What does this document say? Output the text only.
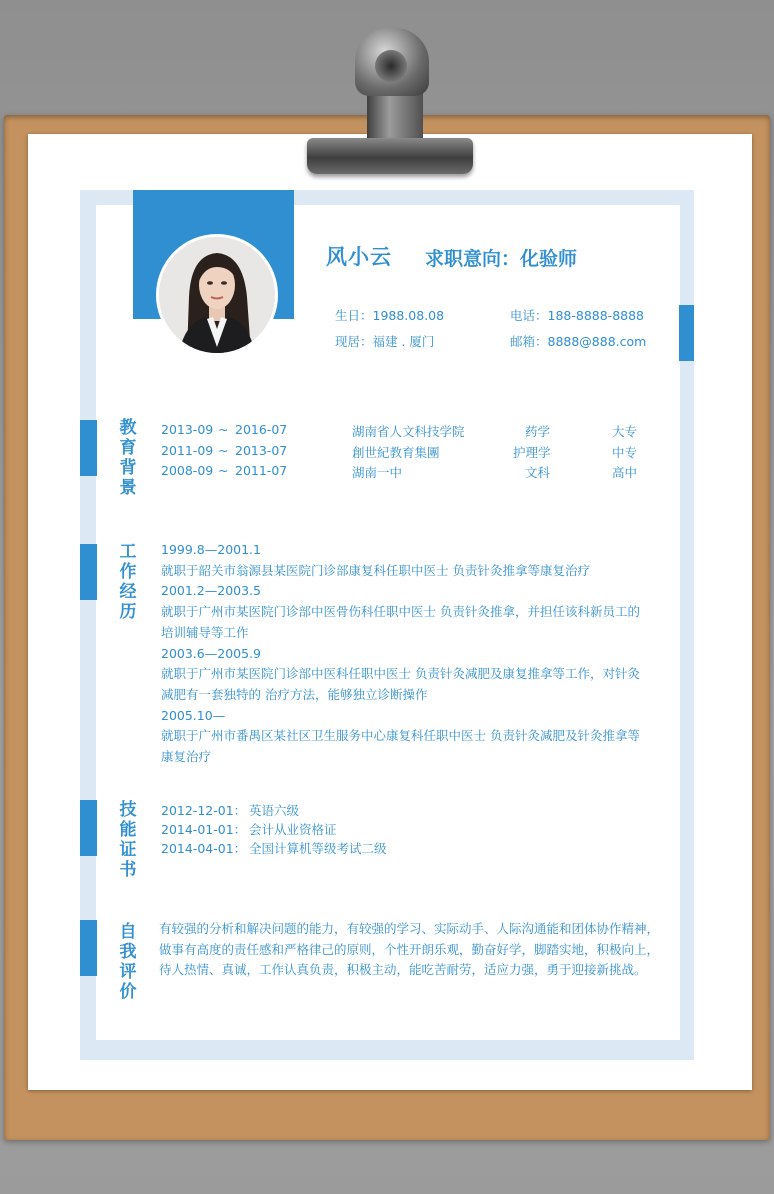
风小云 求职意向：化验师
生日：1988.08.08	电话：188-8888-8888
现居：福建 . 厦门	邮箱：8888@888.com
教
育
背
景
2013-09 ~ 2016-07	湖南省人文科技学院	药学	大专
2011-09 ~ 2013-07	創世紀教育集團	护理学	中专
2008-09 ~ 2011-07	湖南一中	文科	高中
工
作
经
历
1999.8—2001.1
就职于韶关市翁源县某医院门诊部康复科任职中医士 负责针灸推拿等康复治疗
2001.2—2003.5
就职于广州市某医院门诊部中医骨伤科任职中医士 负责针灸推拿，并担任该科新员工的
培训辅导等工作
2003.6—2005.9
就职于广州市某医院门诊部中医科任职中医士 负责针灸减肥及康复推拿等工作，对针灸
减肥有一套独特的 治疗方法，能够独立诊断操作
2005.10—
就职于广州市番禺区某社区卫生服务中心康复科任职中医士 负责针灸减肥及针灸推拿等
康复治疗
技
能
证
书
2012-12-01： 英语六级
2014-01-01： 会计从业资格证
2014-04-01： 全国计算机等级考试二级
自
我
评
价
有较强的分析和解决问题的能力，有较强的学习、实际动手、人际沟通能和团体协作精神，
做事有高度的责任感和严格律己的原则，个性开朗乐观，勤奋好学，脚踏实地，积极向上，
待人热情、真诚，工作认真负责，积极主动，能吃苦耐劳，适应力强，勇于迎接新挑战。
